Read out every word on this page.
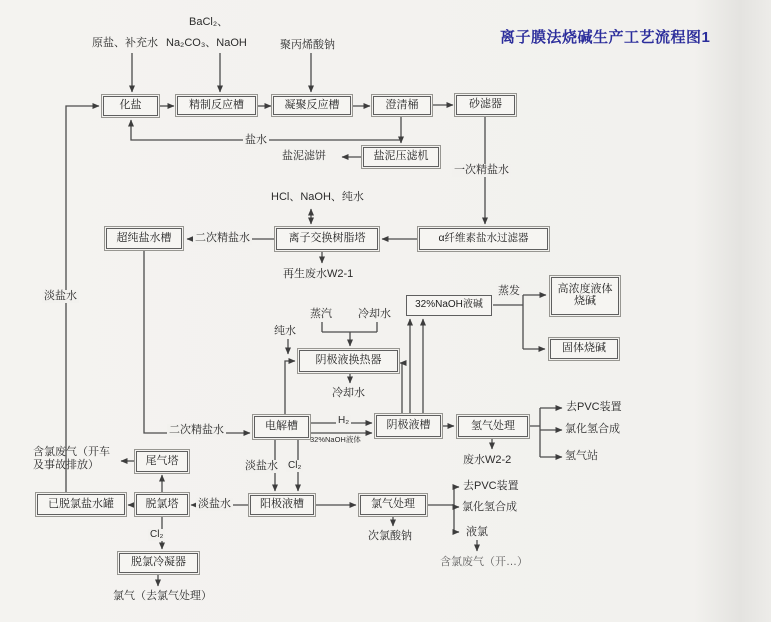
离子膜法烧碱生产工艺流程图1
化盐	精制反应槽	凝聚反应槽	澄清桶	砂滤器
盐泥压滤机
离子交换树脂塔	α纤维素盐水过滤器
超纯盐水槽
32%NaOH液碱
高浓度液体烧碱
固体烧碱
阴极液换热器
电解槽	阴极液槽	氢气处理
尾气塔
脱氯塔
已脱氯盐水罐	阳极液槽	氯气处理
脱氯冷凝器
BaCl₂、
原盐、补充水 Na₂CO₃、NaOH	聚丙烯酸钠
盐水
盐泥滤饼
一次精盐水
HCl、NaOH、纯水
二次精盐水
再生废水W2-1
淡盐水	蒸发
蒸汽 冷却水
纯水
冷却水
二次精盐水
H₂
32%NaOH液体
去PVC装置
氯化氢合成
氢气站
废水W2-2
淡盐水 Cl₂
含氯废气（开车及事故排放）
淡盐水
Cl₂
去PVC装置
氯化氢合成
液氯
次氯酸钠
含氯废气（开…）
氯气（去氯气处理）
